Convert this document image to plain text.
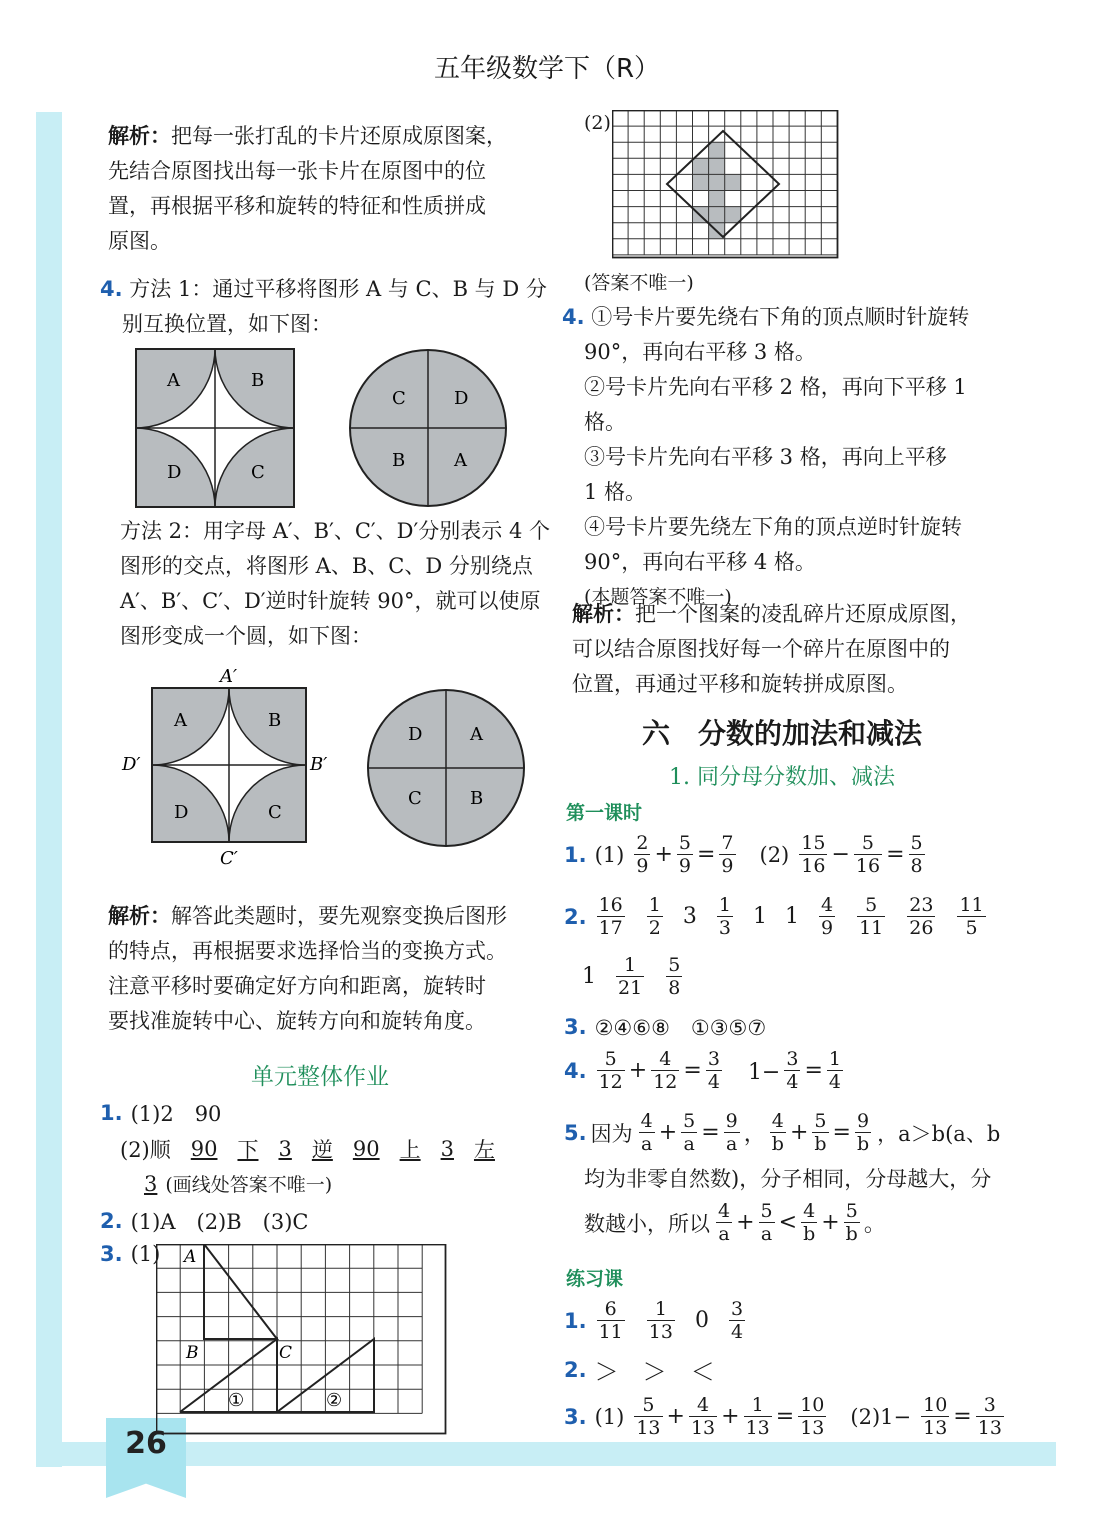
26
五年级数学下（R）
解析：把每一张打乱的卡片还原成原图案，
先结合原图找出每一张卡片在原图中的位
置，再根据平移和旋转的特征和性质拼成
原图。
4. 方法 1：通过平移将图形 A 与 C、B 与 D 分
别互换位置，如下图：
A	B
D	C
C	D
B	A
方法 2：用字母 A′、B′、C′、D′分别表示 4 个
图形的交点，将图形 A、B、C、D 分别绕点
A′、B′、C′、D′逆时针旋转 90°，就可以使原
图形变成一个圆，如下图：
A	B
D	C
A′
B′
C′
D′
D	A
C	B
解析：解答此类题时，要先观察变换后图形
的特点，再根据要求选择恰当的变换方式。
注意平移时要确定好方向和距离，旋转时
要找准旋转中心、旋转方向和旋转角度。
单元整体作业
1. (1)2　90
(2)顺 90 下 3 逆 90 上 3 左
3 (画线处答案不唯一)
2. (1)A　(2)B　(3)C
3. (1) A
B	C
①	②
(2)
(答案不唯一)
4. ①号卡片要先绕右下角的顶点顺时针旋转
90°，再向右平移 3 格。
②号卡片先向右平移 2 格，再向下平移 1 格。
③号卡片先向右平移 3 格，再向上平移
1 格。
④号卡片要先绕左下角的顶点逆时针旋转
90°，再向右平移 4 格。
(本题答案不唯一)
解析：把一个图案的凌乱碎片还原成原图，
可以结合原图找好每一个碎片在原图中的
位置，再通过平移和旋转拼成原图。
六　分数的加法和减法
1. 同分母分数加、减法
第一课时
1. $(1) \frac{2}{9} + \frac{5}{9} = \frac{7}{9} (2) \frac{15}{16} - \frac{5}{16} = \frac{5}{8}$
2. $\frac{16}{17} \frac{1}{2} 3 \frac{1}{3} 1$ $1 \frac{4}{9} \frac{5}{11} \frac{23}{26} \frac{11}{5}$
$1 \frac{1}{21} \frac{5}{8}$
3. ②④⑥⑧　①③⑤⑦
4. $\frac{5}{12} + \frac{4}{12} = \frac{3}{4}$ 　$1- \frac{3}{4} = \frac{1}{4}$
5. 因为 $\frac{4}{a} + \frac{5}{a} = \frac{9}{a}$ ， $\frac{4}{b} + \frac{5}{b} = \frac{9}{b}$ ，a＞b(a、b
均为非零自然数)，分子相同，分母越大，分
数越小，所以 $\frac{4}{a} + \frac{5}{a} < \frac{4}{b} + \frac{5}{b}$ 。
练习课
1. $\frac{6}{11} \frac{1}{13} 0 \frac{3}{4}$
2. ＞　＞　＜
3. $(1) \frac{5}{13} + \frac{4}{13} + \frac{1}{13} = \frac{10}{13} (2)1- \frac{10}{13} = \frac{3}{13}$
